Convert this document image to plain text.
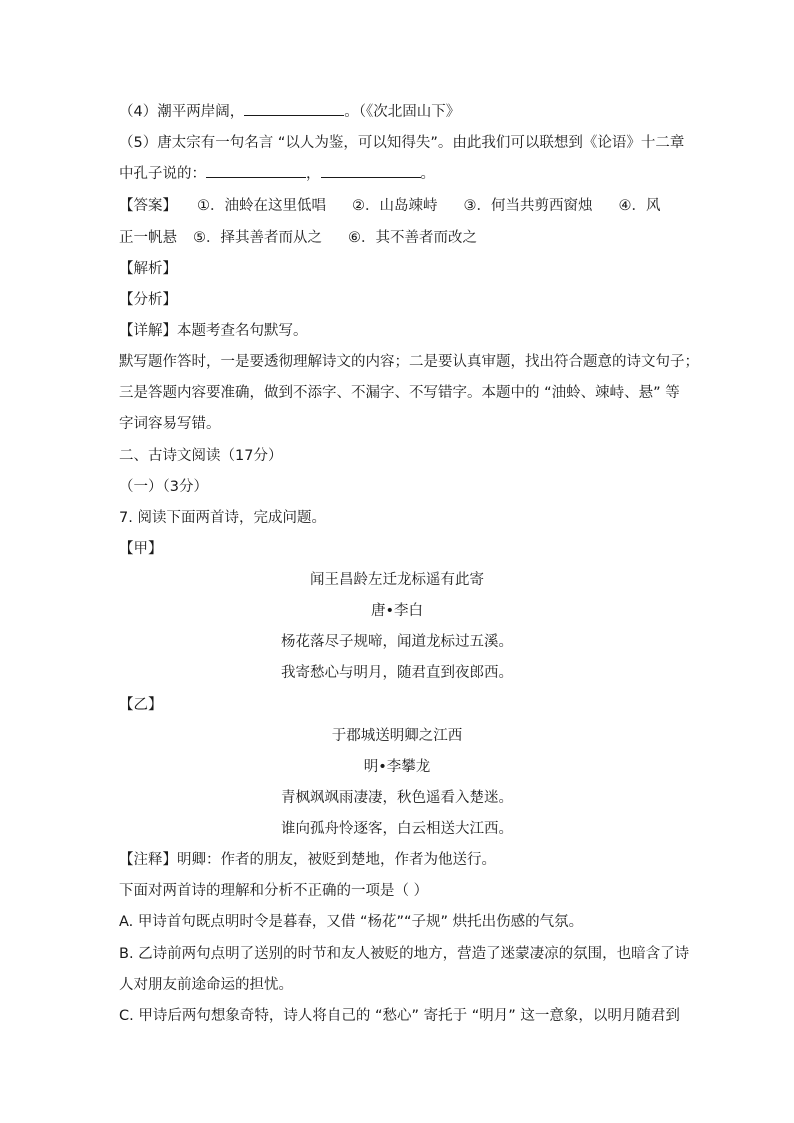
（4）潮平两岸阔，	。（《次北固山下》

（5）唐太宗有一句名言 “以人为鉴，可以知得失”。由此我们可以联想到《论语》十二章

中孔子说的：	，	。

【答案】 ①．油蛉在这里低唱 ②．山岛竦峙 ③．何当共剪西窗烛 ④．风

正一帆悬 ⑤．择其善者而从之 ⑥．其不善者而改之

【解析】

【分析】

【详解】本题考查名句默写。

默写题作答时，一是要透彻理解诗文的内容；二是要认真审题，找出符合题意的诗文句子；

三是答题内容要准确，做到不添字、不漏字、不写错字。本题中的 “油蛉、竦峙、悬” 等

字词容易写错。

二、古诗文阅读（17分）

（一）（3分）

7. 阅读下面两首诗，完成问题。

【甲】

闻王昌龄左迁龙标遥有此寄

唐•李白

杨花落尽子规啼，闻道龙标过五溪。

我寄愁心与明月，随君直到夜郎西。

【乙】

于郡城送明卿之江西

明•李攀龙

青枫飒飒雨凄凄，秋色遥看入楚迷。

谁向孤舟怜逐客，白云相送大江西。

【注释】明卿：作者的朋友，被贬到楚地，作者为他送行。

下面对两首诗的理解和分析不正确的一项是（ ）

A. 甲诗首句既点明时令是暮春，又借 “杨花”“子规” 烘托出伤感的气氛。

B. 乙诗前两句点明了送别的时节和友人被贬的地方，营造了迷蒙凄凉的氛围，也暗含了诗

人对朋友前途命运的担忧。

C. 甲诗后两句想象奇特，诗人将自己的 “愁心” 寄托于 “明月” 这一意象，以明月随君到
